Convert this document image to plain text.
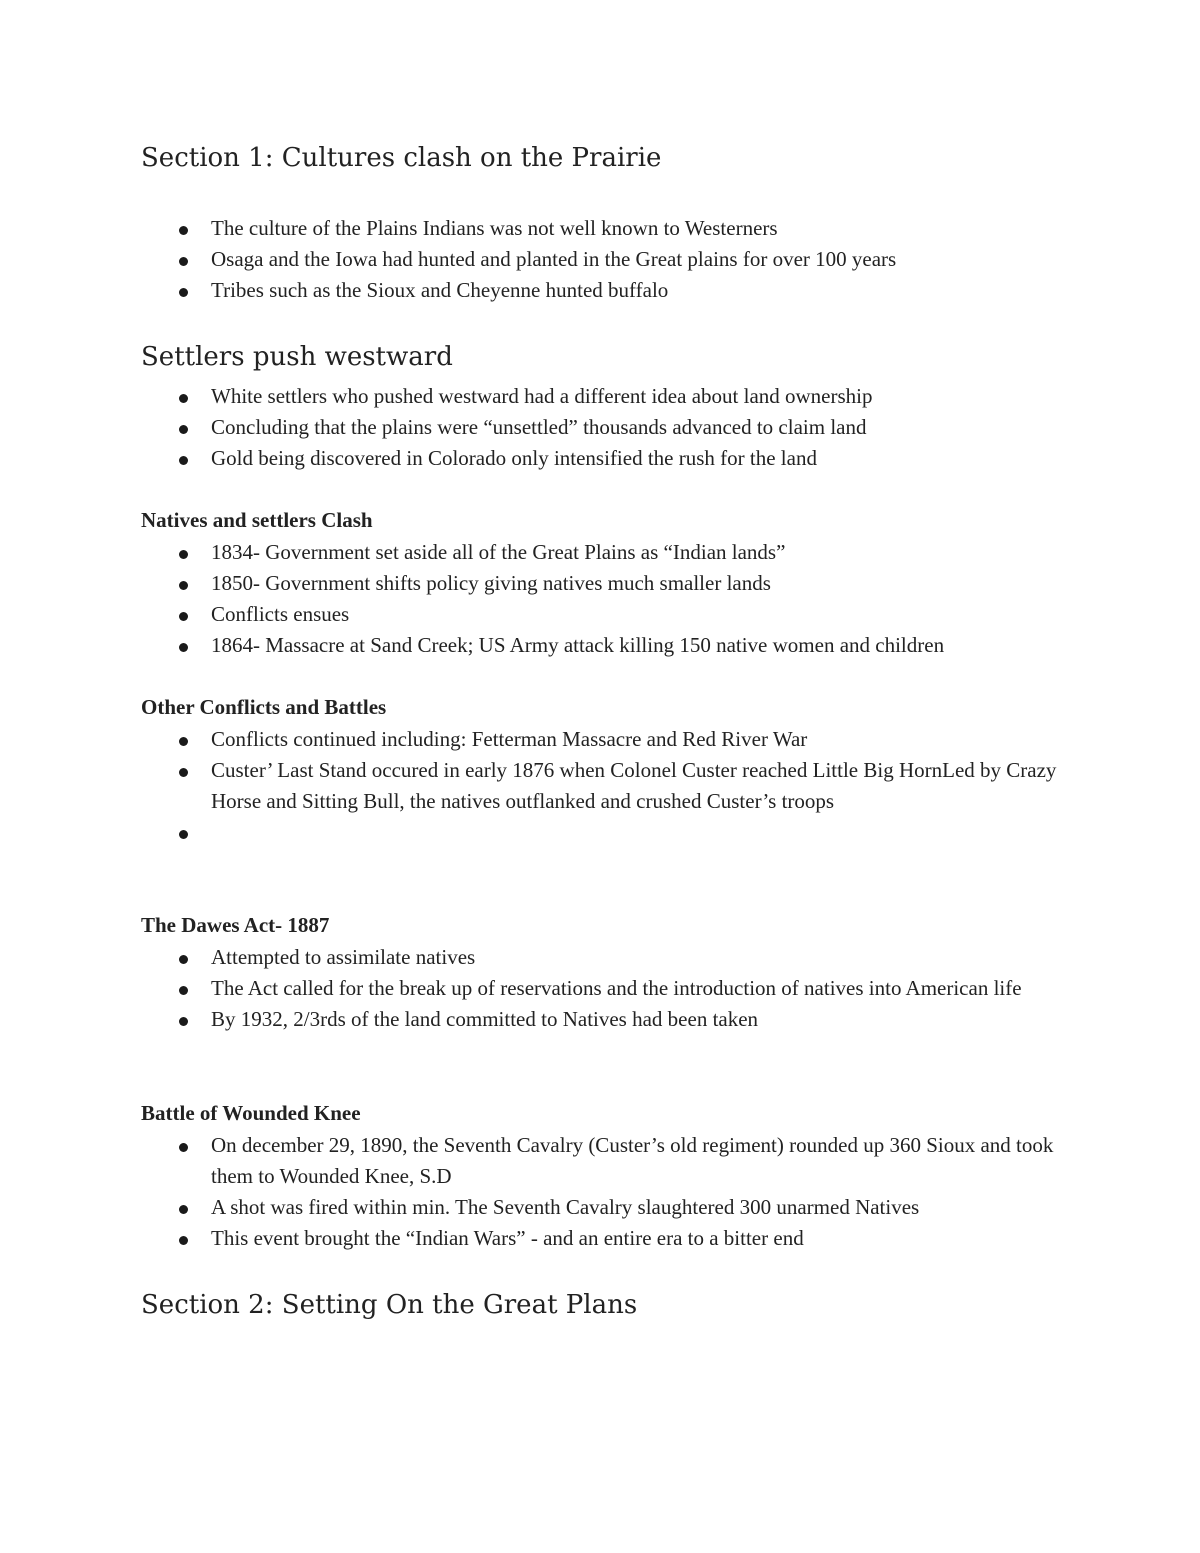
Section 1: Cultures clash on the Prairie
The culture of the Plains Indians was not well known to Westerners
Osaga and the Iowa had hunted and planted in the Great plains for over 100 years
Tribes such as the Sioux and Cheyenne hunted buffalo
Settlers push westward
White settlers who pushed westward had a different idea about land ownership
Concluding that the plains were “unsettled” thousands advanced to claim land
Gold being discovered in Colorado only intensified the rush for the land
Natives and settlers Clash
1834- Government set aside all of the Great Plains as “Indian lands”
1850- Government shifts policy giving natives much smaller lands
Conflicts ensues
1864- Massacre at Sand Creek; US Army attack killing 150 native women and children
Other Conflicts and Battles
Conflicts continued including: Fetterman Massacre and Red River War
Custer’ Last Stand occured in early 1876 when Colonel Custer reached Little Big HornLed by Crazy Horse and Sitting Bull, the natives outflanked and crushed Custer’s troops
The Dawes Act- 1887
Attempted to assimilate natives
The Act called for the break up of reservations and the introduction of natives into American life
By 1932, 2/3rds of the land committed to Natives had been taken
Battle of Wounded Knee
On december 29, 1890, the Seventh Cavalry (Custer’s old regiment) rounded up 360 Sioux and took them to Wounded Knee, S.D
A shot was fired within min. The Seventh Cavalry slaughtered 300 unarmed Natives
This event brought the “Indian Wars” - and an entire era to a bitter end
Section 2: Setting On the Great Plans
